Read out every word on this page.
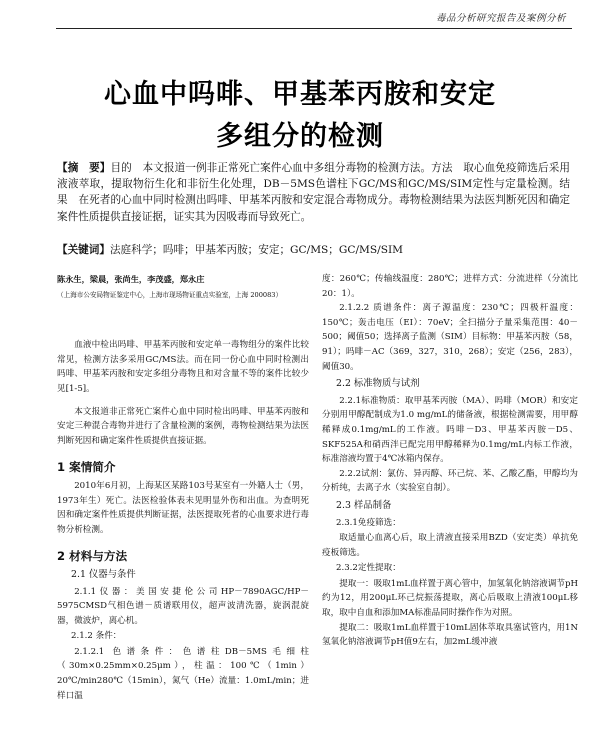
毒品分析研究报告及案例分析
心血中吗啡、甲基苯丙胺和安定
多组分的检测
【摘　要】目的　本文报道一例非正常死亡案件心血中多组分毒物的检测方法。方法　取心血免疫筛选后采用液液萃取，提取物衍生化和非衍生化处理，DB－5MS色谱柱下GC/MS和GC/MS/SIM定性与定量检测。结果　在死者的心血中同时检测出吗啡、甲基苯丙胺和安定混合毒物成分。毒物检测结果为法医判断死因和确定案件性质提供直接证据，证实其为因吸毒而导致死亡。
【关键词】法庭科学；吗啡；甲基苯丙胺；安定；GC/MS；GC/MS/SIM
陈永生，梁晨，张尚生，李茂盛，郑永庄
（上海市公安局物证鉴定中心，上海市现场物证重点实验室，上海 200083）
血液中检出吗啡、甲基苯丙胺和安定单一毒物组分的案件比较常见，检测方法多采用GC/MS法。而在同一份心血中同时检测出吗啡、甲基苯丙胺和安定多组分毒物且和对含量不等的案件比较少见[1-5]。
本文报道非正常死亡案件心血中同时检出吗啡、甲基苯丙胺和安定三种混合毒物并进行了含量检测的案例，毒物检测结果为法医判断死因和确定案件性质提供直接证据。
1 案情简介
2010年6月初，上海某区某路103号某室有一外籍人士（男，1973年生）死亡。法医检验体表未见明显外伤和出血。为查明死因和确定案件性质提供判断证据，法医提取死者的心血要求进行毒物分析检测。
2 材料与方法
2.1 仪器与条件
2.1.1仪器：美国安捷伦公司HP－7890AGC/HP－5975CMSD气相色谱－质谱联用仪，超声波清洗器，旋涡混旋器，微波炉，离心机。
2.1.2 条件：
2.1.2.1 色谱条件：色谱柱DB－5MS毛细柱（30m×0.25mm×0.25μm），柱温：100℃（1min）20℃/min280℃（15min），氮气（He）流量：1.0mL/min；进样口温
度：260℃；传输线温度：280℃；进样方式：分流进样（分流比20：1）。
2.1.2.2 质谱条件：离子源温度：230℃；四极杆温度：150℃；轰击电压（EI）：70eV；全扫描分子量采集范围：40－500；阈值50；选择离子监测（SIM）目标物：甲基苯丙胺（58，91）；吗啡－AC（369，327，310，268）；安定（256，283），阈值30。
2.2 标准物质与试剂
2.2.1标准物质：取甲基苯丙胺（MA）、吗啡（MOR）和安定分别用甲醇配制成为1.0 mg/mL的储备液，根据检测需要，用甲醇稀释成0.1mg/mL的工作液。吗啡－D3、甲基苯丙胺－D5、SKF525A和硝西泮已配完用甲醇稀释为0.1mg/mL内标工作液，标准溶液均置于4℃冰箱内保存。
2.2.2试剂：氯仿、异丙醇、环己烷、苯、乙酸乙酯，甲醇均为分析纯，去离子水（实验室自制）。
2.3 样品制备
2.3.1免疫筛选：
取适量心血离心后，取上清液直接采用BZD（安定类）单抗免疫板筛选。
2.3.2定性提取：
提取一：吸取1mL血样置于离心管中，加氢氧化钠溶液调节pH约为12，用200μL环己烷振荡提取，离心后吸取上清液100μL移取，取中自血和添加MA标准品同时操作作为对照。
提取二：吸取1mL血样置于10mL固体萃取具塞试管内，用1N氢氧化钠溶液调节pH值9左右，加2mL缓冲液
